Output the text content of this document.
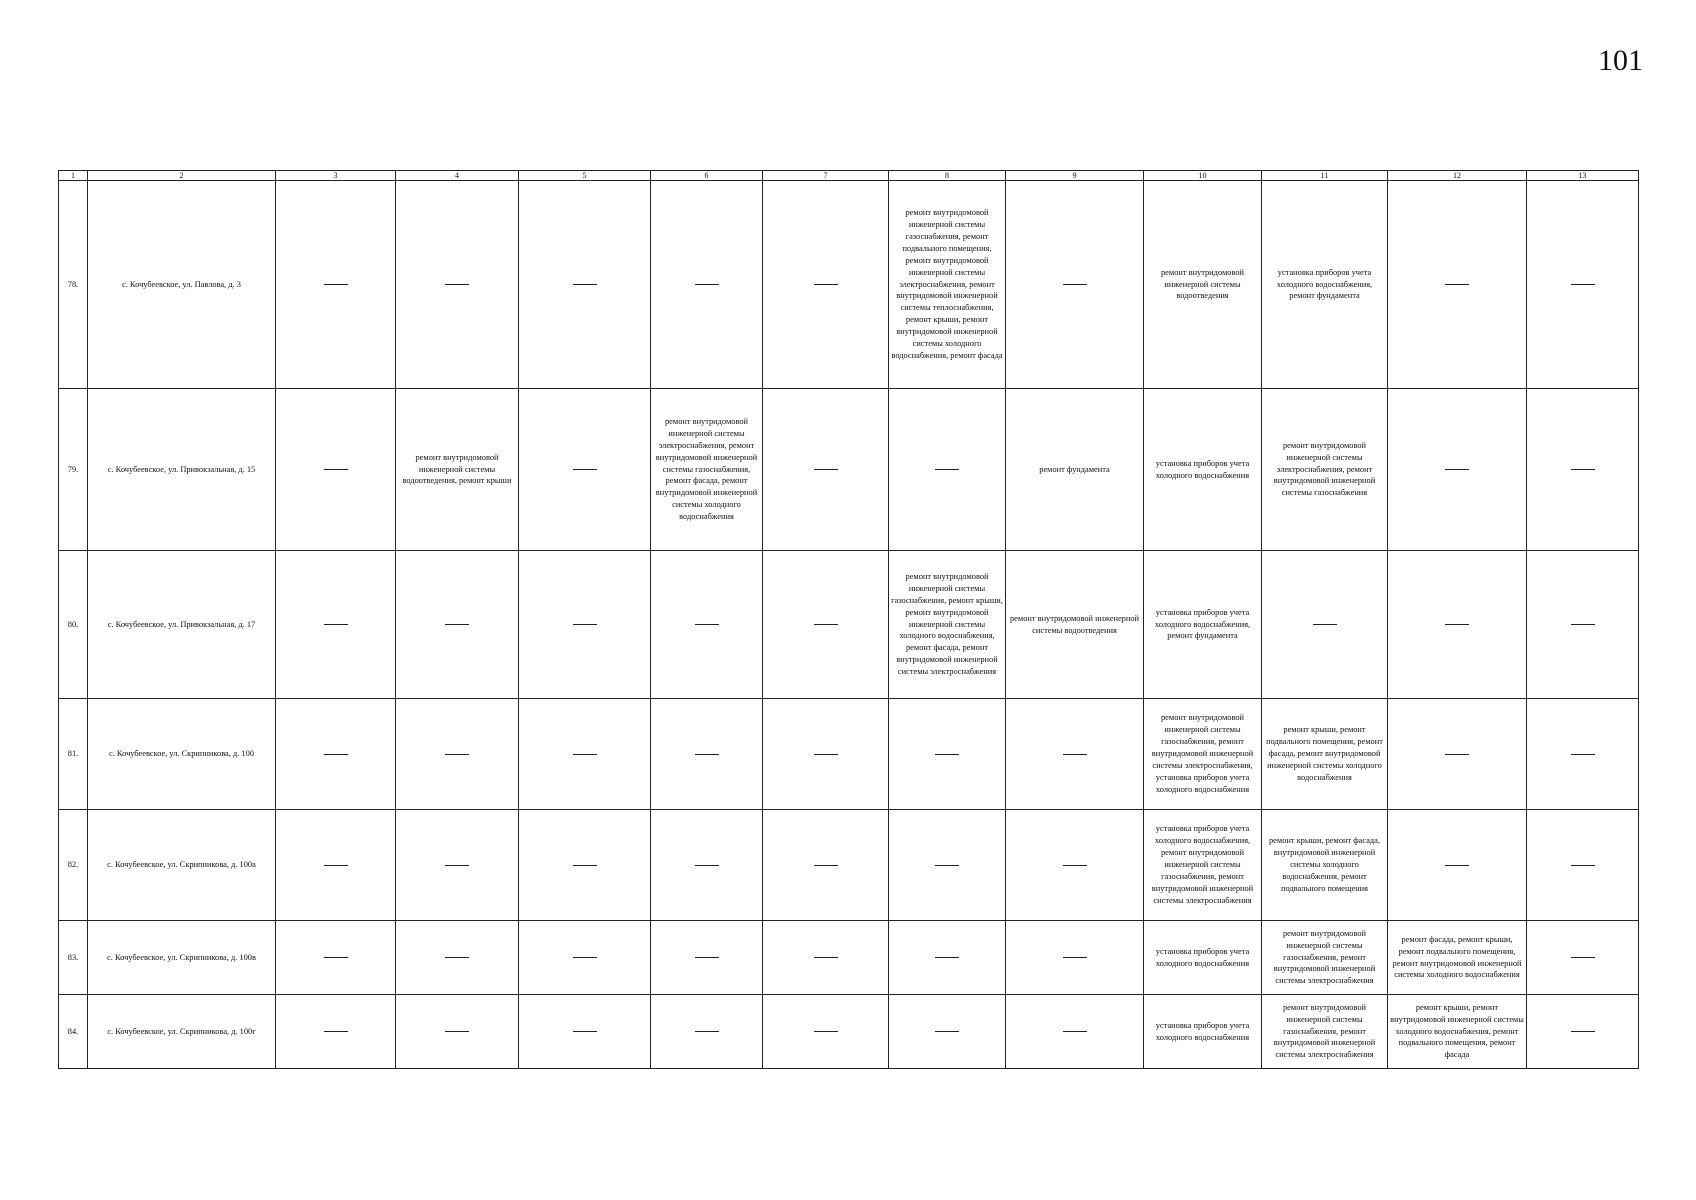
101
1	2	3	4	5	6	7	8	9	10	11	12	13
78.	с. Кочубеевское, ул. Павлова, д. 3						ремонт внутридомовой инженерной системы газоснабжения, ремонт подвального помещения, ремонт внутридомовой инженерной системы электроснабжения, ремонт внутридомовой инженерной системы теплоснабжения, ремонт крыши, ремонт внутридомовой инженерной системы холодного водоснабжения, ремонт фасада		ремонт внутридомовой инженерной системы водоотведения	установка приборов учета холодного водоснабжения, ремонт фундамента		
79.	с. Кочубеевское, ул. Привокзальная, д. 15		ремонт внутридомовой инженерной системы водоотведения, ремонт крыши		ремонт внутридомовой инженерной системы электроснабжения, ремонт внутридомовой инженерной системы газоснабжения, ремонт фасада, ремонт внутридомовой инженерной системы холодного водоснабжения			ремонт фундамента	установка приборов учета холодного водоснабжения	ремонт внутридомовой инженерной системы электроснабжения, ремонт внутридомовой инженерной системы газоснабжения		
80.	с. Кочубеевское, ул. Привокзальная, д. 17						ремонт внутридомовой инженерной системы газоснабжения, ремонт крыши, ремонт внутридомовой инженерной системы холодного водоснабжения, ремонт фасада, ремонт внутридомовой инженерной системы электроснабжения	ремонт внутридомовой инженерной системы водоотведения	установка приборов учета холодного водоснабжения, ремонт фундамента			
81.	с. Кочубеевское, ул. Скрипникова, д. 100								ремонт внутридомовой инженерной системы газоснабжения, ремонт внутридомовой инженерной системы электроснабжения, установка приборов учета холодного водоснабжения	ремонт крыши, ремонт подвального помещения, ремонт фасада, ремонт внутридомовой инженерной системы холодного водоснабжения		
82.	с. Кочубеевское, ул. Скрипникова, д. 100а								установка приборов учета холодного водоснабжения, ремонт внутридомовой инженерной системы газоснабжения, ремонт внутридомовой инженерной системы электроснабжения	ремонт крыши, ремонт фасада, внутридомовой инженерной системы холодного водоснабжения, ремонт подвального помещения		
83.	с. Кочубеевское, ул. Скрипникова, д. 100в								установка приборов учета холодного водоснабжения	ремонт внутридомовой инженерной системы газоснабжения, ремонт внутридомовой инженерной системы электроснабжения	ремонт фасада, ремонт крыши, ремонт подвального помещения, ремонт внутридомовой инженерной системы холодного водоснабжения	
84.	с. Кочубеевское, ул. Скрипникова, д. 100г								установка приборов учета холодного водоснабжения	ремонт внутридомовой инженерной системы газоснабжения, ремонт внутридомовой инженерной системы электроснабжения	ремонт крыши, ремонт внутридомовой инженерной системы холодного водоснабжения, ремонт подвального помещения, ремонт фасада	
